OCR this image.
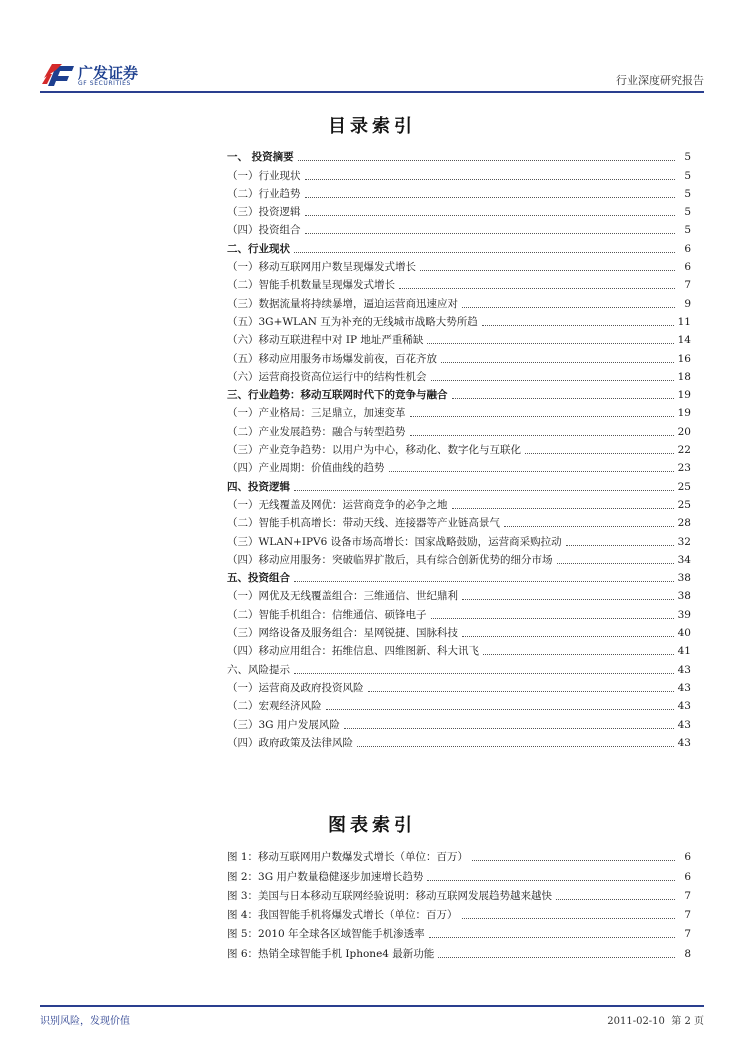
广发证券
GF SECURITIES	行业深度研究报告
目录索引
一、 投资摘要	5
（一）行业现状	5
（二）行业趋势	5
（三）投资逻辑	5
（四）投资组合	5
二、行业现状	6
（一）移动互联网用户数呈现爆发式增长	6
（二）智能手机数量呈现爆发式增长	7
（三）数据流量将持续暴增，逼迫运营商迅速应对	9
（五）3G+WLAN 互为补充的无线城市战略大势所趋	11
（六）移动互联进程中对 IP 地址严重稀缺	14
（五）移动应用服务市场爆发前夜，百花齐放	16
（六）运营商投资高位运行中的结构性机会	18
三、行业趋势：移动互联网时代下的竞争与融合	19
（一）产业格局：三足鼎立，加速变革	19
（二）产业发展趋势：融合与转型趋势	20
（三）产业竞争趋势：以用户为中心，移动化、数字化与互联化	22
（四）产业周期：价值曲线的趋势	23
四、投资逻辑	25
（一）无线覆盖及网优：运营商竞争的必争之地	25
（二）智能手机高增长：带动天线、连接器等产业链高景气	28
（三）WLAN+IPV6 设备市场高增长：国家战略鼓励，运营商采购拉动	32
（四）移动应用服务：突破临界扩散后，具有综合创新优势的细分市场	34
五、投资组合	38
（一）网优及无线覆盖组合：三维通信、世纪鼎利	38
（二）智能手机组合：信维通信、硕锋电子	39
（三）网络设备及服务组合：星网锐捷、国脉科技	40
（四）移动应用组合：拓维信息、四维图新、科大讯飞	41
六、风险提示	43
（一）运营商及政府投资风险	43
（二）宏观经济风险	43
（三）3G 用户发展风险	43
（四）政府政策及法律风险	43
图表索引
图 1：移动互联网用户数爆发式增长（单位：百万）	6
图 2：3G 用户数量稳健逐步加速增长趋势	6
图 3：美国与日本移动互联网经验说明：移动互联网发展趋势越来越快	7
图 4：我国智能手机将爆发式增长（单位：百万）	7
图 5：2010 年全球各区域智能手机渗透率	7
图 6：热销全球智能手机 Iphone4 最新功能	8
识别风险，发现价值	2011-02-10 第 2 页
